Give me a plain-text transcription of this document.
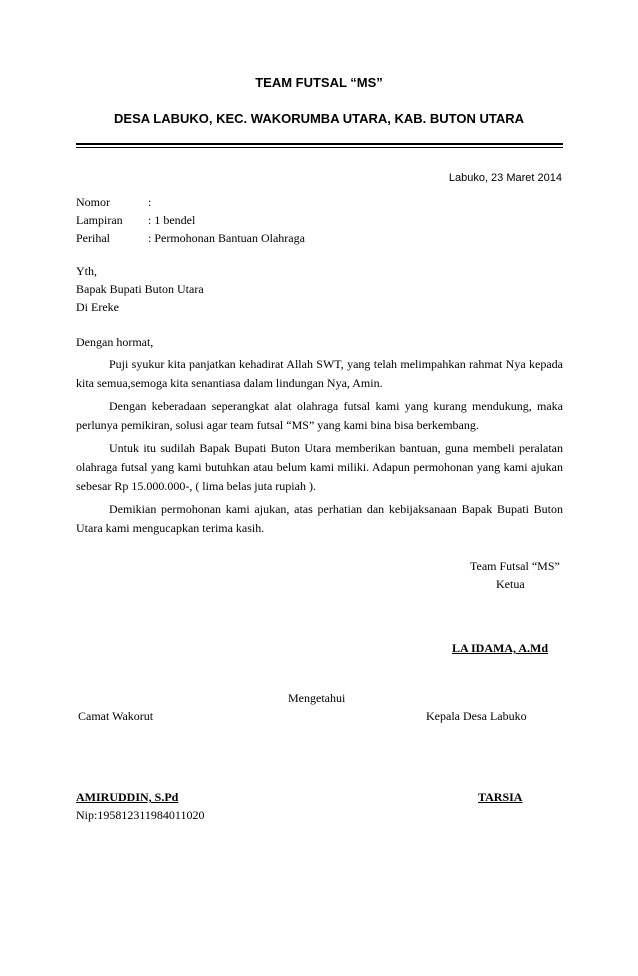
TEAM FUTSAL “MS”
DESA LABUKO, KEC. WAKORUMBA UTARA, KAB. BUTON UTARA
Labuko, 23 Maret 2014
Nomor	:
Lampiran : 1 bendel
Perihal	: Permohonan Bantuan Olahraga
Yth,
Bapak Bupati Buton Utara
Di Ereke
Dengan hormat,

Puji syukur kita panjatkan kehadirat Allah SWT, yang telah melimpahkan rahmat Nya kepada kita semua,semoga kita senantiasa dalam lindungan Nya, Amin.

Dengan keberadaan seperangkat alat olahraga futsal kami yang kurang mendukung, maka perlunya pemikiran, solusi agar team futsal “MS” yang kami bina bisa berkembang.

Untuk itu sudilah Bapak Bupati Buton Utara memberikan bantuan, guna membeli peralatan olahraga futsal yang kami butuhkan atau belum kami miliki. Adapun permohonan yang kami ajukan sebesar Rp 15.000.000-, ( lima belas juta rupiah ).

Demikian permohonan kami ajukan, atas perhatian dan kebijaksanaan Bapak Bupati Buton Utara kami mengucapkan terima kasih.

Team Futsal “MS”
Ketua
LA IDAMA, A.Md
Mengetahui
Camat Wakorut	Kepala Desa Labuko
AMIRUDDIN, S.Pd
Nip:195812311984011020
TARSIA
